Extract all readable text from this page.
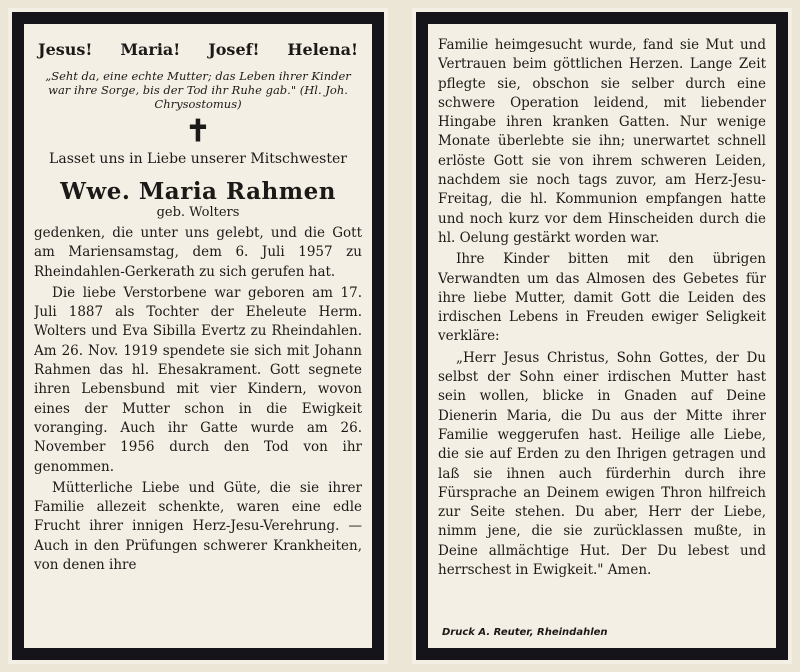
Jesus! Maria! Josef! Helena!
„Seht da, eine echte Mutter; das Leben ihrer Kinder war ihre Sorge, bis der Tod ihr Ruhe gab." (Hl. Joh. Chrysostomus)
✝
Lasset uns in Liebe unserer Mitschwester
Wwe. Maria Rahmen
geb. Wolters

gedenken, die unter uns gelebt, und die Gott am Mariensamstag, dem 6. Juli 1957 zu Rheindahlen-Gerkerath zu sich gerufen hat.

Die liebe Verstorbene war geboren am 17. Juli 1887 als Tochter der Eheleute Herm. Wolters und Eva Sibilla Evertz zu Rheindahlen. Am 26. Nov. 1919 spendete sie sich mit Johann Rahmen das hl. Ehesakrament. Gott segnete ihren Lebensbund mit vier Kindern, wovon eines der Mutter schon in die Ewigkeit voranging. Auch ihr Gatte wurde am 26. November 1956 durch den Tod von ihr genommen.

Mütterliche Liebe und Güte, die sie ihrer Familie allezeit schenkte, waren eine edle Frucht ihrer innigen Herz-Jesu-Verehrung. — Auch in den Prüfungen schwerer Krankheiten, von denen ihre

Familie heimgesucht wurde, fand sie Mut und Vertrauen beim göttlichen Herzen. Lange Zeit pflegte sie, obschon sie selber durch eine schwere Operation leidend, mit liebender Hingabe ihren kranken Gatten. Nur wenige Monate überlebte sie ihn; unerwartet schnell erlöste Gott sie von ihrem schweren Leiden, nachdem sie noch tags zuvor, am Herz-Jesu-Freitag, die hl. Kommunion empfangen hatte und noch kurz vor dem Hinscheiden durch die hl. Oelung gestärkt worden war.

Ihre Kinder bitten mit den übrigen Verwandten um das Almosen des Gebetes für ihre liebe Mutter, damit Gott die Leiden des irdischen Lebens in Freuden ewiger Seligkeit verkläre:

„Herr Jesus Christus, Sohn Gottes, der Du selbst der Sohn einer irdischen Mutter hast sein wollen, blicke in Gnaden auf Deine Dienerin Maria, die Du aus der Mitte ihrer Familie weggerufen hast. Heilige alle Liebe, die sie auf Erden zu den Ihrigen getragen und laß sie ihnen auch fürderhin durch ihre Fürsprache an Deinem ewigen Thron hilfreich zur Seite stehen. Du aber, Herr der Liebe, nimm jene, die sie zurücklassen mußte, in Deine allmächtige Hut. Der Du lebest und herrschest in Ewigkeit." Amen.

Druck A. Reuter, Rheindahlen
